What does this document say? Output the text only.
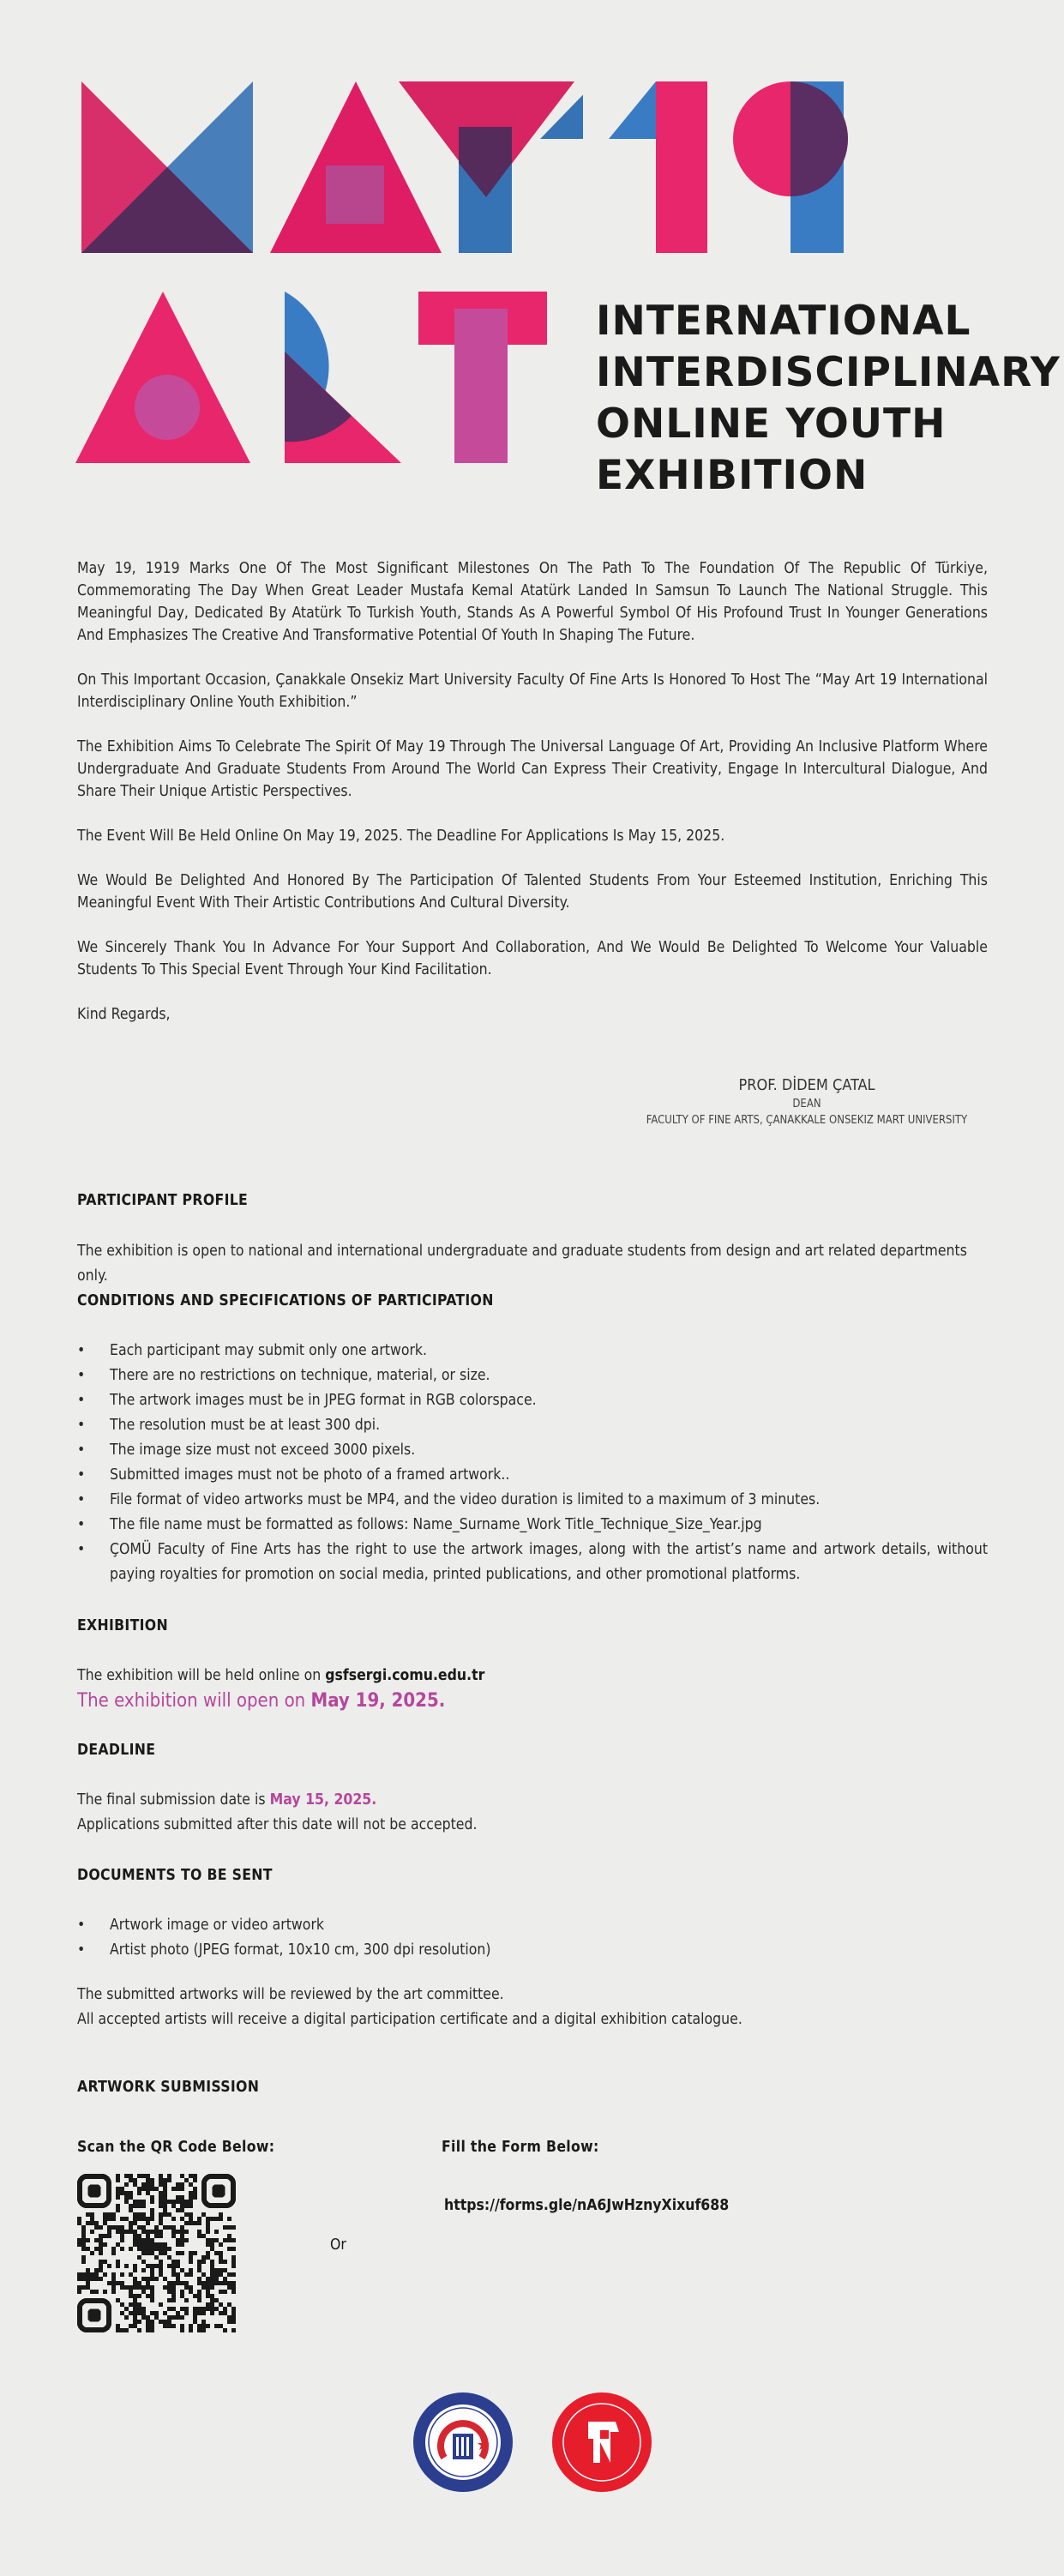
INTERNATIONAL
INTERDISCIPLINARY
ONLINE YOUTH
EXHIBITION

May 19, 1919 Marks One Of The Most Significant Milestones On The Path To The Foundation Of The Republic Of Türkiye, Commemorating The Day When Great Leader Mustafa Kemal Atatürk Landed In Samsun To Launch The National Struggle. This Meaningful Day, Dedicated By Atatürk To Turkish Youth, Stands As A Powerful Symbol Of His Profound Trust In Younger Generations And Emphasizes The Creative And Transformative Potential Of Youth In Shaping The Future.

On This Important Occasion, Çanakkale Onsekiz Mart University Faculty Of Fine Arts Is Honored To Host The “May Art 19 International Interdisciplinary Online Youth Exhibition.”

The Exhibition Aims To Celebrate The Spirit Of May 19 Through The Universal Language Of Art, Providing An Inclusive Platform Where Undergraduate And Graduate Students From Around The World Can Express Their Creativity, Engage In Intercultural Dialogue, And Share Their Unique Artistic Perspectives.

The Event Will Be Held Online On May 19, 2025. The Deadline For Applications Is May 15, 2025.

We Would Be Delighted And Honored By The Participation Of Talented Students From Your Esteemed Institution, Enriching This Meaningful Event With Their Artistic Contributions And Cultural Diversity.

We Sincerely Thank You In Advance For Your Support And Collaboration, And We Would Be Delighted To Welcome Your Valuable Students To This Special Event Through Your Kind Facilitation.

Kind Regards,

PROF. DİDEM ÇATAL
DEAN
FACULTY OF FINE ARTS, ÇANAKKALE ONSEKIZ MART UNIVERSITY
PARTICIPANT PROFILE
The exhibition is open to national and international undergraduate and graduate students from design and art related departments only.
CONDITIONS AND SPECIFICATIONS OF PARTICIPATION
• Each participant may submit only one artwork.
• There are no restrictions on technique, material, or size.
• The artwork images must be in JPEG format in RGB colorspace.
• The resolution must be at least 300 dpi.
• The image size must not exceed 3000 pixels.
• Submitted images must not be photo of a framed artwork..
• File format of video artworks must be MP4, and the video duration is limited to a maximum of 3 minutes.
• The file name must be formatted as follows: Name_Surname_Work Title_Technique_Size_Year.jpg
• ÇOMÜ Faculty of Fine Arts has the right to use the artwork images, along with the artist’s name and artwork details, without paying royalties for promotion on social media, printed publications, and other promotional platforms.
EXHIBITION
The exhibition will be held online on gsfsergi.comu.edu.tr
The exhibition will open on May 19, 2025.
DEADLINE
The final submission date is May 15, 2025.
Applications submitted after this date will not be accepted.
DOCUMENTS TO BE SENT
• Artwork image or video artwork
• Artist photo (JPEG format, 10x10 cm, 300 dpi resolution)
The submitted artworks will be reviewed by the art committee.
All accepted artists will receive a digital participation certificate and a digital exhibition catalogue.
ARTWORK SUBMISSION
Scan the QR Code Below:	Fill the Form Below:
Or
https://forms.gle/nA6JwHznyXixuf688
